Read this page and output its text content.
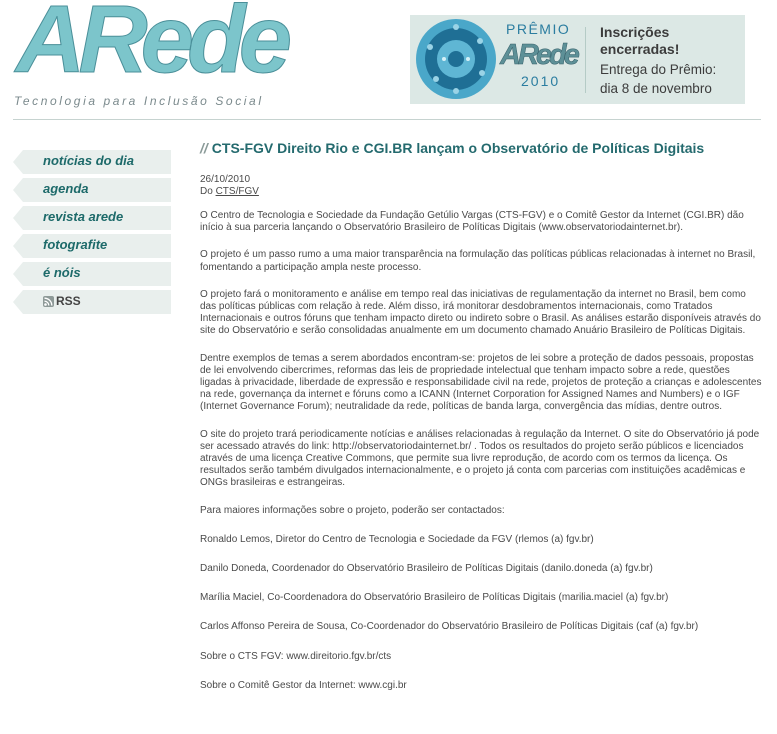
ARede
Tecnologia para Inclusão Social
PRÊMIO
ARede
2010
Inscrições
encerradas!
Entrega do Prêmio:
dia 8 de novembro
notícias do dia
agenda
revista arede
fotografite
é nóis
RSS
// CTS-FGV Direito Rio e CGI.BR lançam o Observatório de Políticas Digitais
26/10/2010
Do CTS/FGV

O Centro de Tecnologia e Sociedade da Fundação Getúlio Vargas (CTS-FGV) e o Comitê Gestor da Internet (CGI.BR) dão início à sua parceria lançando o Observatório Brasileiro de Políticas Digitais (www.observatoriodainternet.br).

O projeto é um passo rumo a uma maior transparência na formulação das políticas públicas relacionadas à internet no Brasil, fomentando a participação ampla neste processo.

O projeto fará o monitoramento e análise em tempo real das iniciativas de regulamentação da internet no Brasil, bem como das políticas públicas com relação à rede. Além disso, irá monitorar desdobramentos internacionais, como Tratados Internacionais e outros fóruns que tenham impacto direto ou indireto sobre o Brasil. As análises estarão disponíveis através do site do Observatório e serão consolidadas anualmente em um documento chamado Anuário Brasileiro de Políticas Digitais.

Dentre exemplos de temas a serem abordados encontram-se: projetos de lei sobre a proteção de dados pessoais, propostas de lei envolvendo cibercrimes, reformas das leis de propriedade intelectual que tenham impacto sobre a rede, questões ligadas à privacidade, liberdade de expressão e responsabilidade civil na rede, projetos de proteção a crianças e adolescentes na rede, governança da internet e fóruns como a ICANN (Internet Corporation for Assigned Names and Numbers) e o IGF (Internet Governance Forum); neutralidade da rede, políticas de banda larga, convergência das mídias, dentre outros.

O site do projeto trará periodicamente notícias e análises relacionadas à regulação da Internet. O site do Observatório já pode ser acessado através do link: http://observatoriodainternet.br/ . Todos os resultados do projeto serão públicos e licenciados através de uma licença Creative Commons, que permite sua livre reprodução, de acordo com os termos da licença. Os resultados serão também divulgados internacionalmente, e o projeto já conta com parcerias com instituições acadêmicas e ONGs brasileiras e estrangeiras.

Para maiores informações sobre o projeto, poderão ser contactados:

Ronaldo Lemos, Diretor do Centro de Tecnologia e Sociedade da FGV (rlemos (a) fgv.br)

Danilo Doneda, Coordenador do Observatório Brasileiro de Políticas Digitais (danilo.doneda (a) fgv.br)

Marília Maciel, Co-Coordenadora do Observatório Brasileiro de Políticas Digitais (marilia.maciel (a) fgv.br)

Carlos Affonso Pereira de Sousa, Co-Coordenador do Observatório Brasileiro de Políticas Digitais (caf (a) fgv.br)

Sobre o CTS FGV: www.direitorio.fgv.br/cts

Sobre o Comitê Gestor da Internet: www.cgi.br
